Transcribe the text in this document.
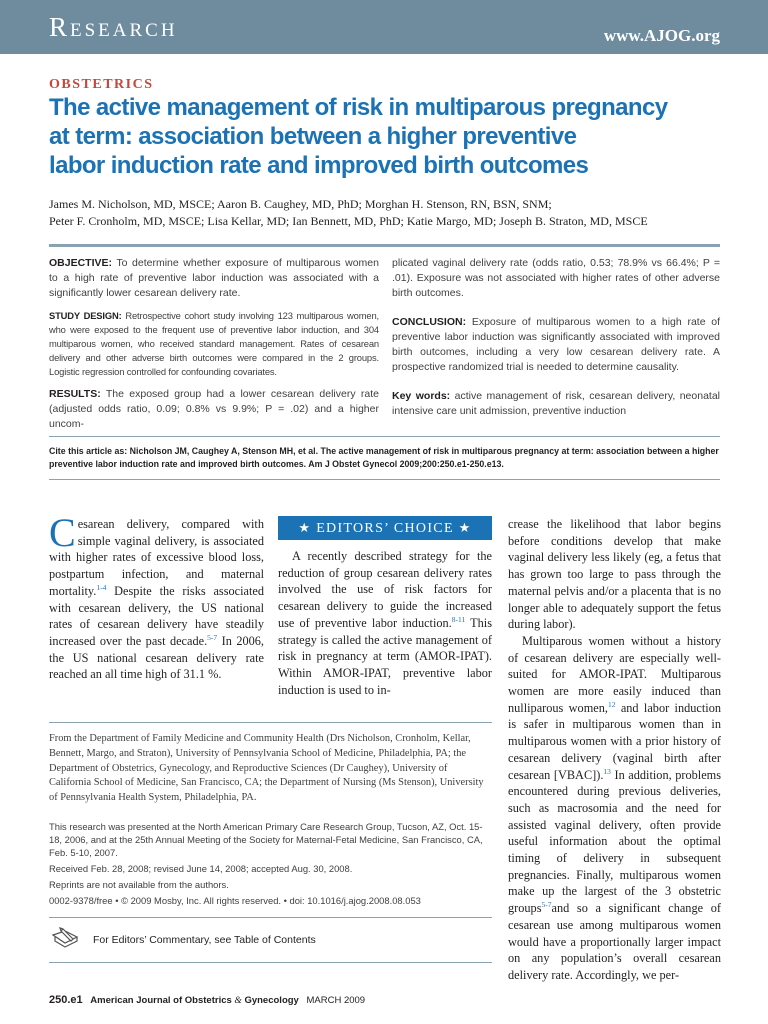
Research	www.AJOG.org
OBSTETRICS
The active management of risk in multiparous pregnancy
at term: association between a higher preventive
labor induction rate and improved birth outcomes
James M. Nicholson, MD, MSCE; Aaron B. Caughey, MD, PhD; Morghan H. Stenson, RN, BSN, SNM;
Peter F. Cronholm, MD, MSCE; Lisa Kellar, MD; Ian Bennett, MD, PhD; Katie Margo, MD; Joseph B. Straton, MD, MSCE
OBJECTIVE: To determine whether exposure of multiparous women to a high rate of preventive labor induction was associated with a significantly lower cesarean delivery rate.
STUDY DESIGN: Retrospective cohort study involving 123 multiparous women, who were exposed to the frequent use of preventive labor induction, and 304 multiparous women, who received standard management. Rates of cesarean delivery and other adverse birth outcomes were compared in the 2 groups. Logistic regression controlled for confounding covariates.
RESULTS: The exposed group had a lower cesarean delivery rate (adjusted odds ratio, 0.09; 0.8% vs 9.9%; P = .02) and a higher uncom-
plicated vaginal delivery rate (odds ratio, 0.53; 78.9% vs 66.4%; P = .01). Exposure was not associated with higher rates of other adverse birth outcomes.
CONCLUSION: Exposure of multiparous women to a high rate of preventive labor induction was significantly associated with improved birth outcomes, including a very low cesarean delivery rate. A prospective randomized trial is needed to determine causality.
Key words: active management of risk, cesarean delivery, neonatal intensive care unit admission, preventive induction
Cite this article as: Nicholson JM, Caughey A, Stenson MH, et al. The active management of risk in multiparous pregnancy at term: association between a higher preventive labor induction rate and improved birth outcomes. Am J Obstet Gynecol 2009;200:250.e1-250.e13.
Cesarean delivery, compared with simple vaginal delivery, is associated with higher rates of excessive blood loss, postpartum infection, and maternal mortality.$^{1-4}$ Despite the risks associated with cesarean delivery, the US national rates of cesarean delivery have steadily increased over the past decade.$^{5-7}$ In 2006, the US national cesarean delivery rate reached an all time high of 31.1 %.
★ EDITORS’ CHOICE ★
A recently described strategy for the reduction of group cesarean delivery rates involved the use of risk factors for cesarean delivery to guide the increased use of preventive labor induction.$^{8-11}$ This strategy is called the active management of risk in pregnancy at term (AMOR-IPAT). Within AMOR-IPAT, preventive labor induction is used to in-
crease the likelihood that labor begins before conditions develop that make vaginal delivery less likely (eg, a fetus that has grown too large to pass through the maternal pelvis and/or a placenta that is no longer able to adequately support the fetus during labor).
Multiparous women without a history of cesarean delivery are especially well-suited for AMOR-IPAT. Multiparous women are more easily induced than nulliparous women,$^{12}$ and labor induction is safer in multiparous women than in multiparous women with a prior history of cesarean delivery (vaginal birth after cesarean [VBAC]).$^{13}$ In addition, problems encountered during previous deliveries, such as macrosomia and the need for assisted vaginal delivery, often provide useful information about the optimal timing of delivery in subsequent pregnancies. Finally, multiparous women make up the largest of the 3 obstetric groups$^{5-7}$and so a significant change of cesarean use among multiparous women would have a proportionally larger impact on any population’s overall cesarean delivery rate. Accordingly, we per-
From the Department of Family Medicine and Community Health (Drs Nicholson, Cronholm, Kellar, Bennett, Margo, and Straton), University of Pennsylvania School of Medicine, Philadelphia, PA; the Department of Obstetrics, Gynecology, and Reproductive Sciences (Dr Caughey), University of California School of Medicine, San Francisco, CA; the Department of Nursing (Ms Stenson), University of Pennsylvania Health System, Philadelphia, PA.
This research was presented at the North American Primary Care Research Group, Tucson, AZ, Oct. 15-18, 2006, and at the 25th Annual Meeting of the Society for Maternal-Fetal Medicine, San Francisco, CA, Feb. 5-10, 2007.
Received Feb. 28, 2008; revised June 14, 2008; accepted Aug. 30, 2008.
Reprints are not available from the authors.
0002-9378/free • © 2009 Mosby, Inc. All rights reserved. • doi: 10.1016/j.ajog.2008.08.053
For Editors’ Commentary, see Table of Contents
250.e1 American Journal of Obstetrics & Gynecology MARCH 2009
